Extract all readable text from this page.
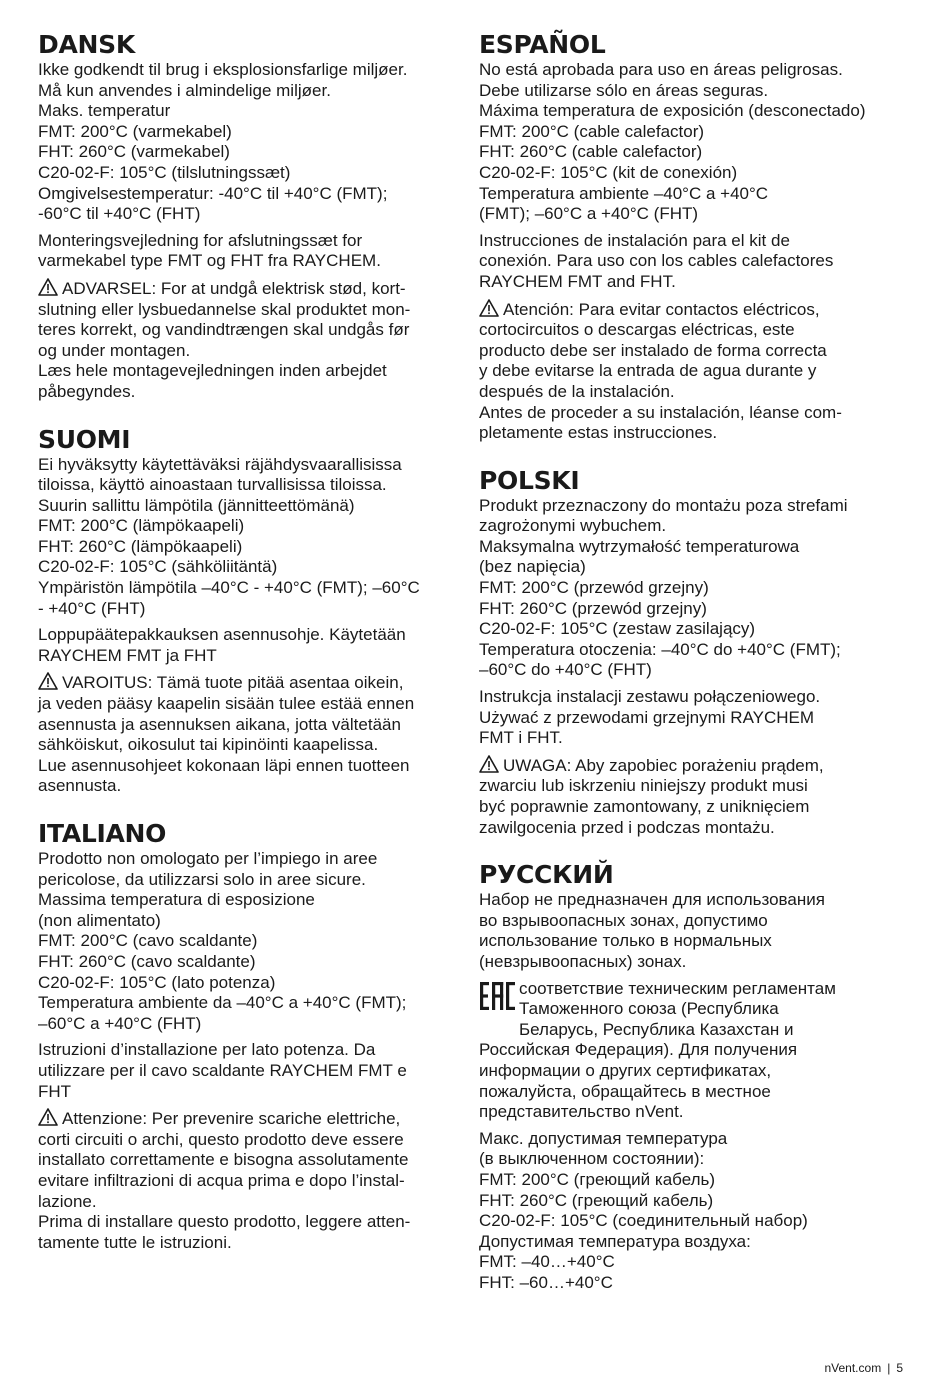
DANSK
Ikke godkendt til brug i eksplosionsfarlige miljøer.
Må kun anvendes i almindelige miljøer.
Maks. temperatur
FMT: 200°C (varmekabel)
FHT: 260°C (varmekabel)
C20-02-F: 105°C (tilslutningssæt)
Omgivelsestemperatur: -40°C til +40°C (FMT);
-60°C til +40°C (FHT)
Monteringsvejledning for afslutningssæt for
varmekabel type FMT og FHT fra RAYCHEM.
ADVARSEL: For at undgå elektrisk stød, kort-
slutning eller lysbuedannelse skal produktet mon-
teres korrekt, og vandindtrængen skal undgås før
og under montagen.
Læs hele montagevejledningen inden arbejdet
påbegyndes.
SUOMI
Ei hyväksytty käytettäväksi räjähdysvaarallisissa
tiloissa, käyttö ainoastaan turvallisissa tiloissa.
Suurin sallittu lämpötila (jännitteettömänä)
FMT: 200°C (lämpökaapeli)
FHT: 260°C (lämpökaapeli)
C20-02-F: 105°C (sähköliitäntä)
Ympäristön lämpötila –40°C - +40°C (FMT); –60°C
- +40°C (FHT)
Loppupäätepakkauksen asennusohje. Käytetään
RAYCHEM FMT ja FHT
VAROITUS: Tämä tuote pitää asentaa oikein,
ja veden pääsy kaapelin sisään tulee estää ennen
asennusta ja asennuksen aikana, jotta vältetään
sähköiskut, oikosulut tai kipinöinti kaapelissa.
Lue asennusohjeet kokonaan läpi ennen tuotteen
asennusta.
ITALIANO
Prodotto non omologato per l’impiego in aree
pericolose, da utilizzarsi solo in aree sicure.
Massima temperatura di esposizione
(non alimentato)
FMT: 200°C (cavo scaldante)
FHT: 260°C (cavo scaldante)
C20-02-F: 105°C (lato potenza)
Temperatura ambiente da –40°C a +40°C (FMT);
–60°C a +40°C (FHT)
Istruzioni d’installazione per lato potenza. Da
utilizzare per il cavo scaldante RAYCHEM FMT e
FHT
Attenzione: Per prevenire scariche elettriche,
corti circuiti o archi, questo prodotto deve essere
installato correttamente e bisogna assolutamente
evitare infiltrazioni di acqua prima e dopo l’instal-
lazione.
Prima di installare questo prodotto, leggere atten-
tamente tutte le istruzioni.
ESPAÑOL
No está aprobada para uso en áreas peligrosas.
Debe utilizarse sólo en áreas seguras.
Máxima temperatura de exposición (desconectado)
FMT: 200°C (cable calefactor)
FHT: 260°C (cable calefactor)
C20-02-F: 105°C (kit de conexión)
Temperatura ambiente –40°C a +40°C
(FMT); –60°C a +40°C (FHT)
Instrucciones de instalación para el kit de
conexión. Para uso con los cables calefactores
RAYCHEM FMT and FHT.
Atención: Para evitar contactos eléctricos,
cortocircuitos o descargas eléctricas, este
producto debe ser instalado de forma correcta
y debe evitarse la entrada de agua durante y
después de la instalación.
Antes de proceder a su instalación, léanse com-
pletamente estas instrucciones.
POLSKI
Produkt przeznaczony do montażu poza strefami
zagrożonymi wybuchem.
Maksymalna wytrzymałość temperaturowa
(bez napięcia)
FMT: 200°C (przewód grzejny)
FHT: 260°C (przewód grzejny)
C20-02-F: 105°C (zestaw zasilający)
Temperatura otoczenia: –40°C do +40°C (FMT);
–60°C do +40°C (FHT)
Instrukcja instalacji zestawu połączeniowego.
Używać z przewodami grzejnymi RAYCHEM
FMT i FHT.
UWAGA: Aby zapobiec porażeniu prądem,
zwarciu lub iskrzeniu niniejszy produkt musi
być poprawnie zamontowany, z uniknięciem
zawilgocenia przed i podczas montażu.
РУССКИЙ
Набор не предназначен для использования
во взрывоопасных зонах, допустимо
использование только в нормальных
(невзрывоопасных) зонах.
соответствие техническим регламентам
Таможенного союза (Республика
Беларусь, Республика Казахстан и
Российская Федерация). Для получения
информации о других сертификатах,
пожалуйста, обращайтесь в местное
представительство nVent.
Макс. допустимая температура
(в выключенном состоянии):
FMT: 200°C (греющий кабель)
FHT: 260°C (греющий кабель)
C20-02-F: 105°C (соединительный набор)
Допустимая температура воздуха:
FMT: –40…+40°C
FHT: –60…+40°C
nVent.com | 5
